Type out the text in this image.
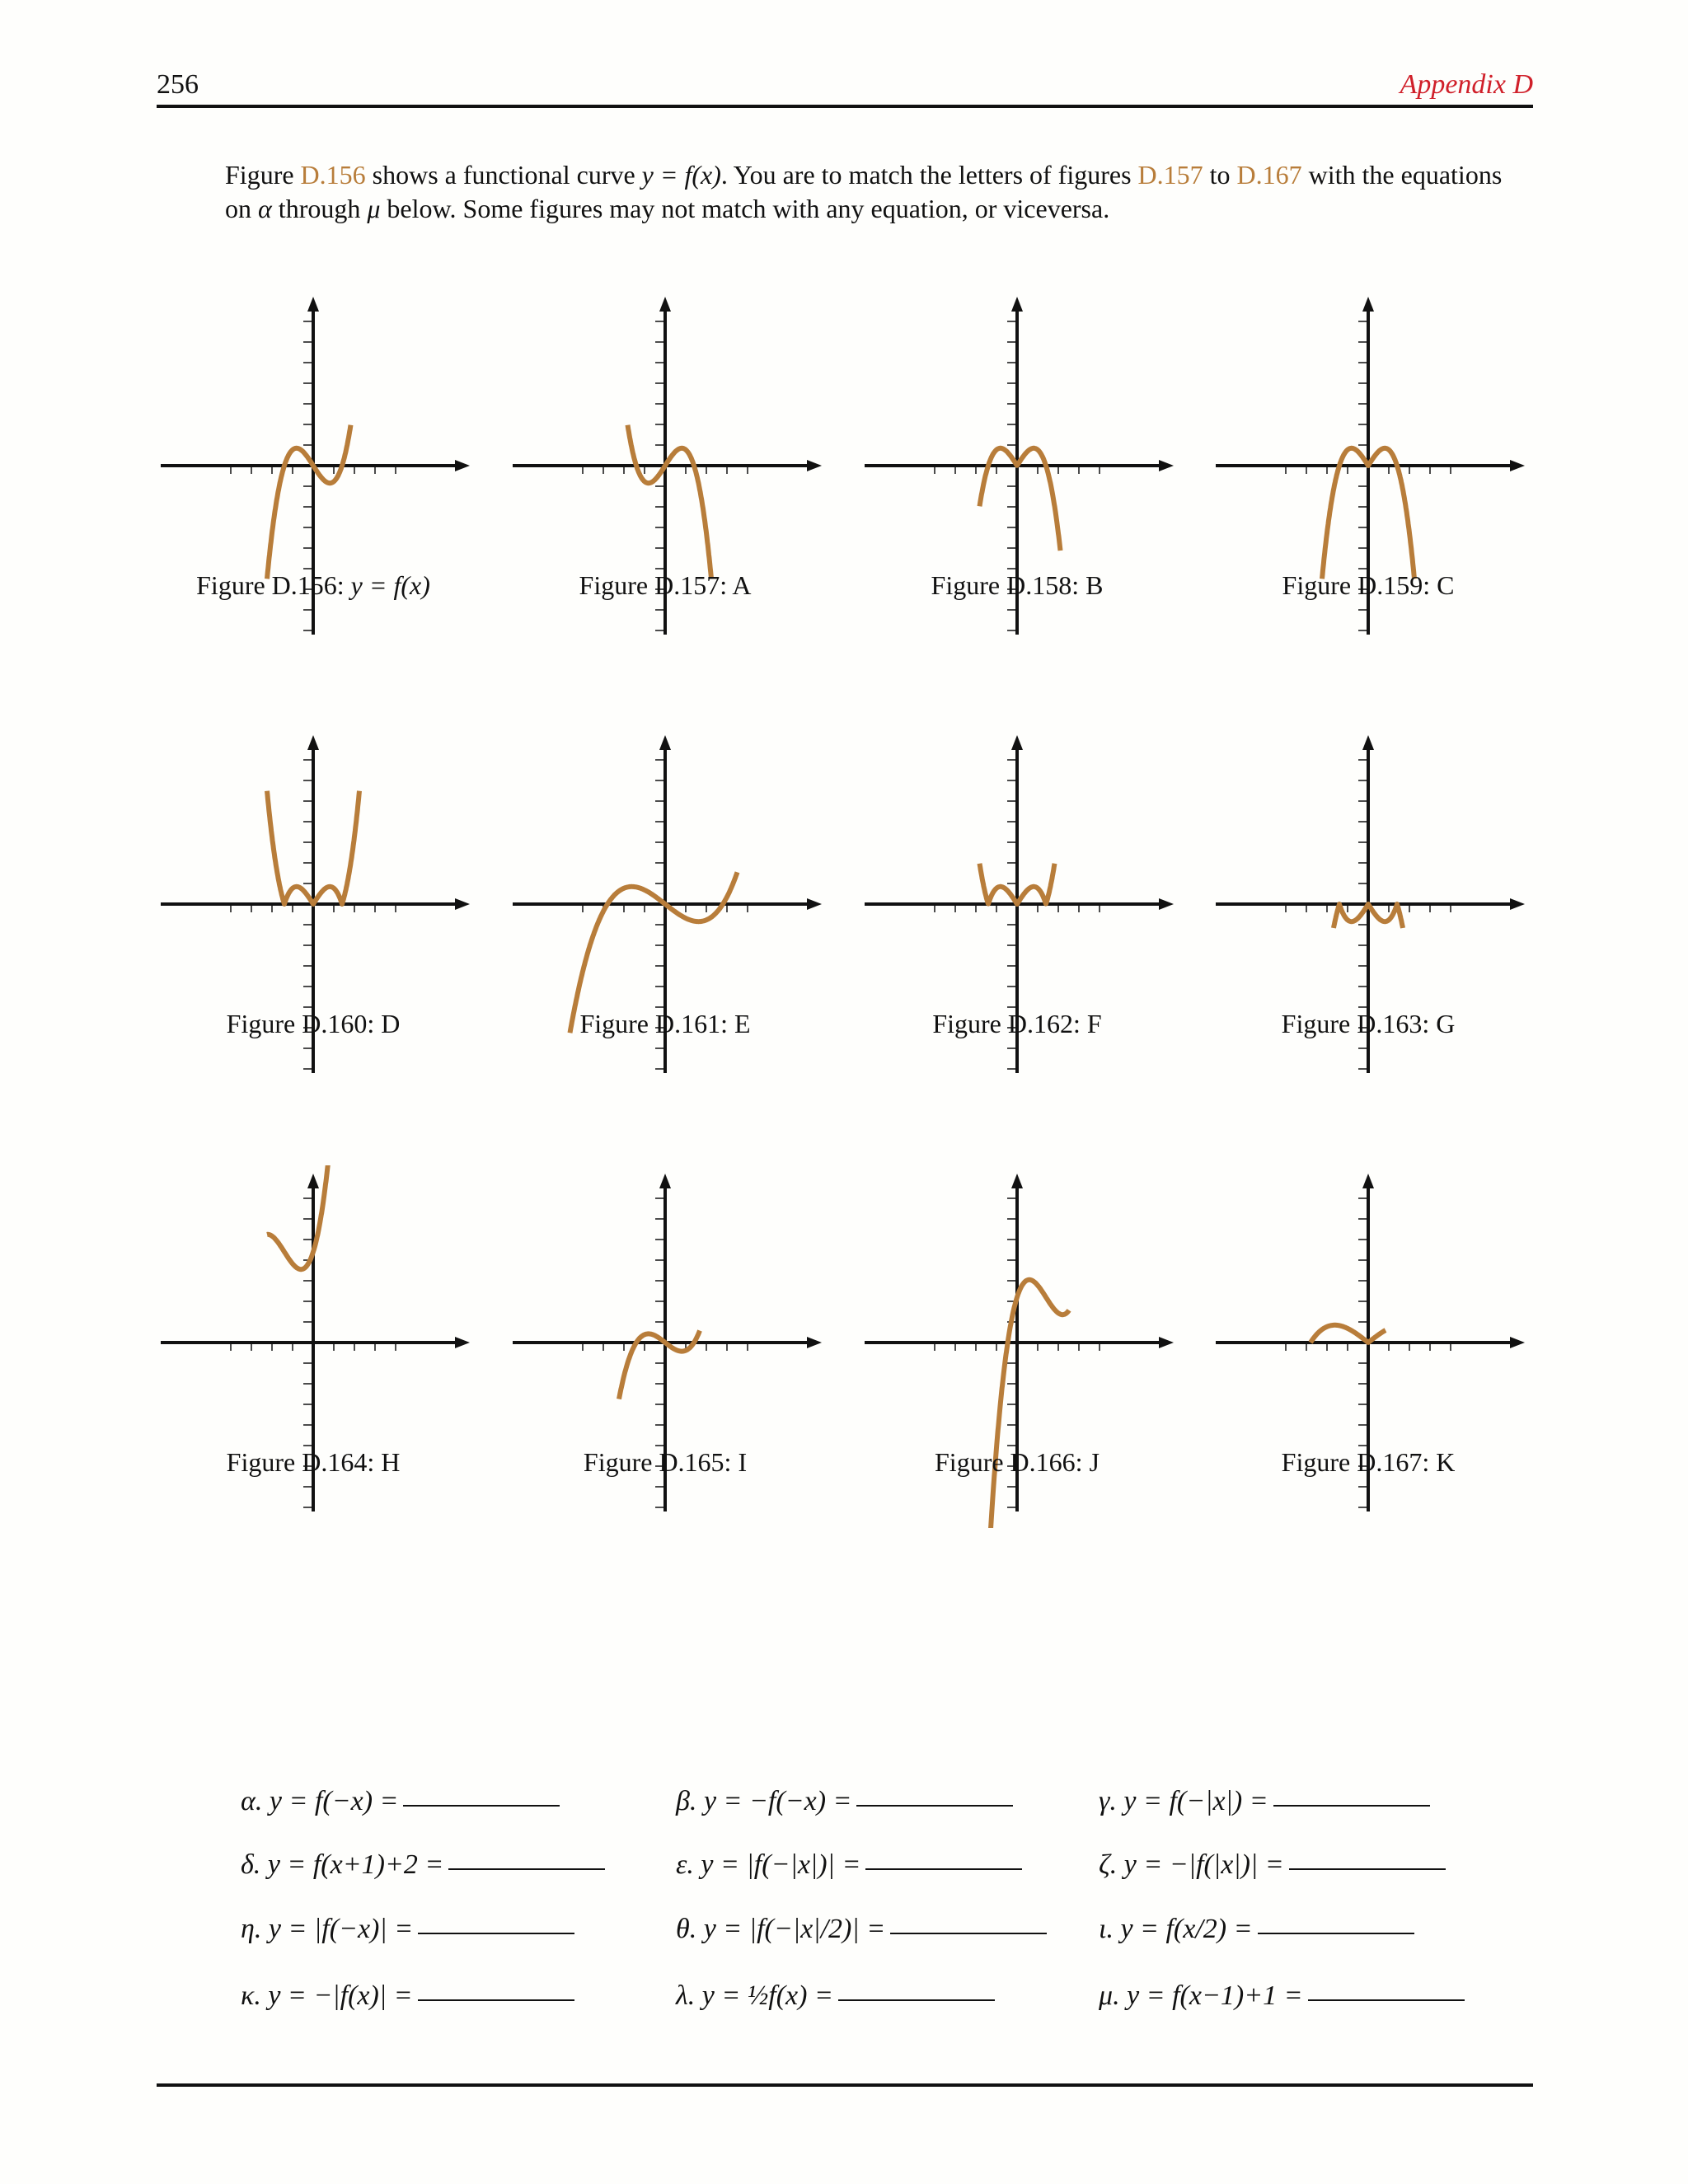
256	Appendix D
Figure D.156 shows a functional curve y = f(x). You are to match the letters of figures D.157 to D.167 with the equations on α through μ below. Some figures may not match with any equation, or viceversa.
Figure D.156: y = f(x)	Figure D.157: A	Figure D.158: B	Figure D.159: C
Figure D.160: D	Figure D.161: E	Figure D.162: F	Figure D.163: G
Figure D.164: H	Figure D.165: I	Figure D.166: J	Figure D.167: K
α. y = f(−x) =	β. y = −f(−x) =	γ. y = f(−|x|) =
δ. y = f(x+1)+2 =	ε. y = |f(−|x|)| =	ζ. y = −|f(|x|)| =
η. y = |f(−x)| =	θ. y = |f(−|x|/2)| =	ι. y = f(x/2) =
κ. y = −|f(x)| =	λ. y = ½f(x) =	μ. y = f(x−1)+1 =
